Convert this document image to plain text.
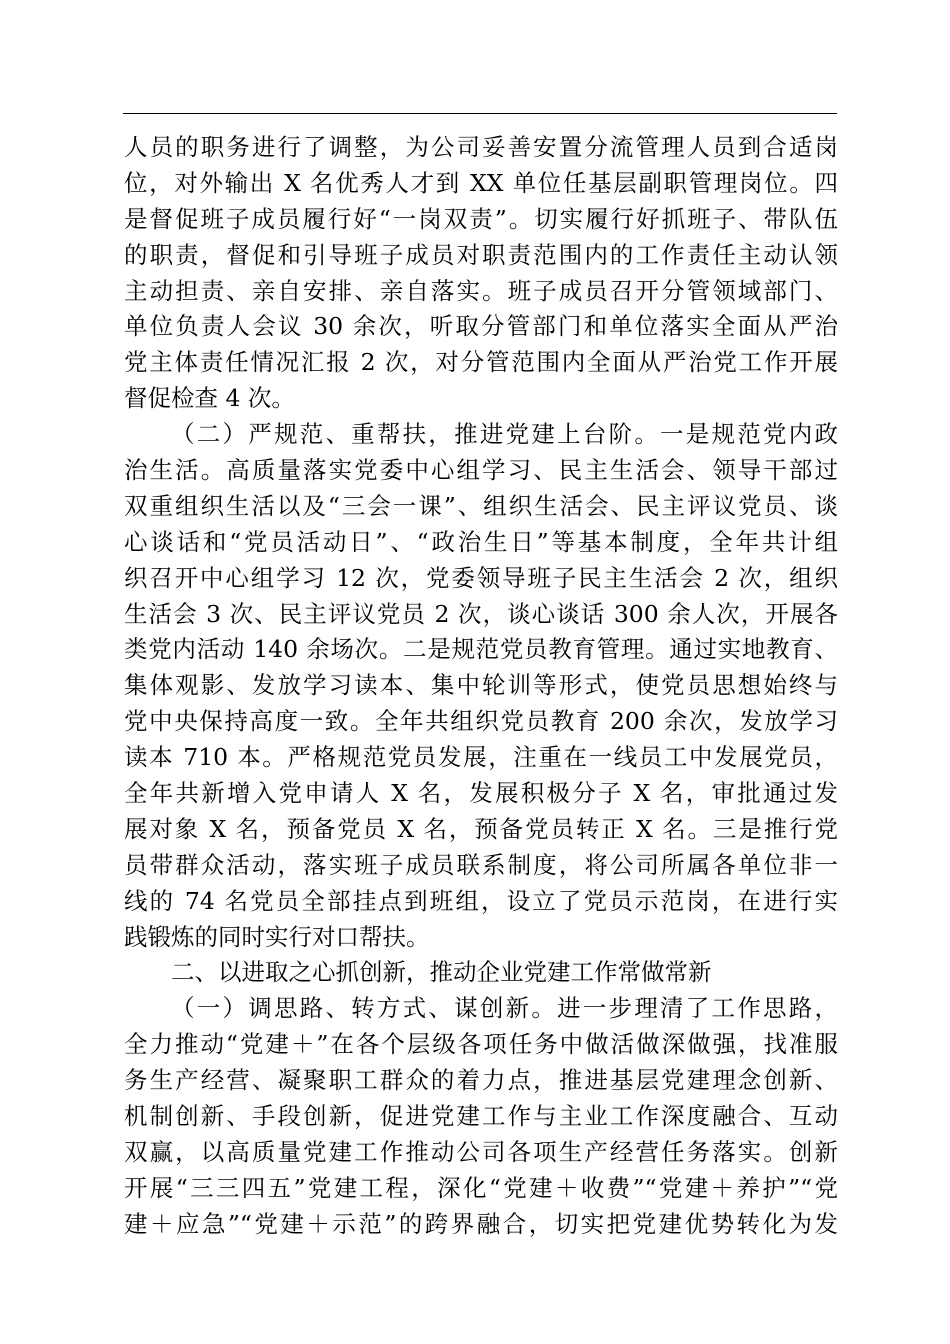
人员的职务进行了调整，为公司妥善安置分流管理人员到合适岗
位，对外输出 X 名优秀人才到 XX 单位任基层副职管理岗位。四
是督促班子成员履行好“一岗双责”。切实履行好抓班子、带队伍
的职责，督促和引导班子成员对职责范围内的工作责任主动认领
主动担责、亲自安排、亲自落实。班子成员召开分管领域部门、
单位负责人会议 30 余次，听取分管部门和单位落实全面从严治
党主体责任情况汇报 2 次，对分管范围内全面从严治党工作开展
督促检查 4 次。
（二）严规范、重帮扶，推进党建上台阶。一是规范党内政
治生活。高质量落实党委中心组学习、民主生活会、领导干部过
双重组织生活以及“三会一课”、组织生活会、民主评议党员、谈
心谈话和“党员活动日”、“政治生日”等基本制度，全年共计组
织召开中心组学习 12 次，党委领导班子民主生活会 2 次，组织
生活会 3 次、民主评议党员 2 次，谈心谈话 300 余人次，开展各
类党内活动 140 余场次。二是规范党员教育管理。通过实地教育、
集体观影、发放学习读本、集中轮训等形式，使党员思想始终与
党中央保持高度一致。全年共组织党员教育 200 余次，发放学习
读本 710 本。严格规范党员发展，注重在一线员工中发展党员，
全年共新增入党申请人 X 名，发展积极分子 X 名，审批通过发
展对象 X 名，预备党员 X 名，预备党员转正 X 名。三是推行党
员带群众活动，落实班子成员联系制度，将公司所属各单位非一
线的 74 名党员全部挂点到班组，设立了党员示范岗，在进行实
践锻炼的同时实行对口帮扶。
二、以进取之心抓创新，推动企业党建工作常做常新
（一）调思路、转方式、谋创新。进一步理清了工作思路，
全力推动“党建＋”在各个层级各项任务中做活做深做强，找准服
务生产经营、凝聚职工群众的着力点，推进基层党建理念创新、
机制创新、手段创新，促进党建工作与主业工作深度融合、互动
双赢，以高质量党建工作推动公司各项生产经营任务落实。创新
开展“三三四五”党建工程，深化“党建＋收费”“党建＋养护”“党
建＋应急”“党建＋示范”的跨界融合，切实把党建优势转化为发
